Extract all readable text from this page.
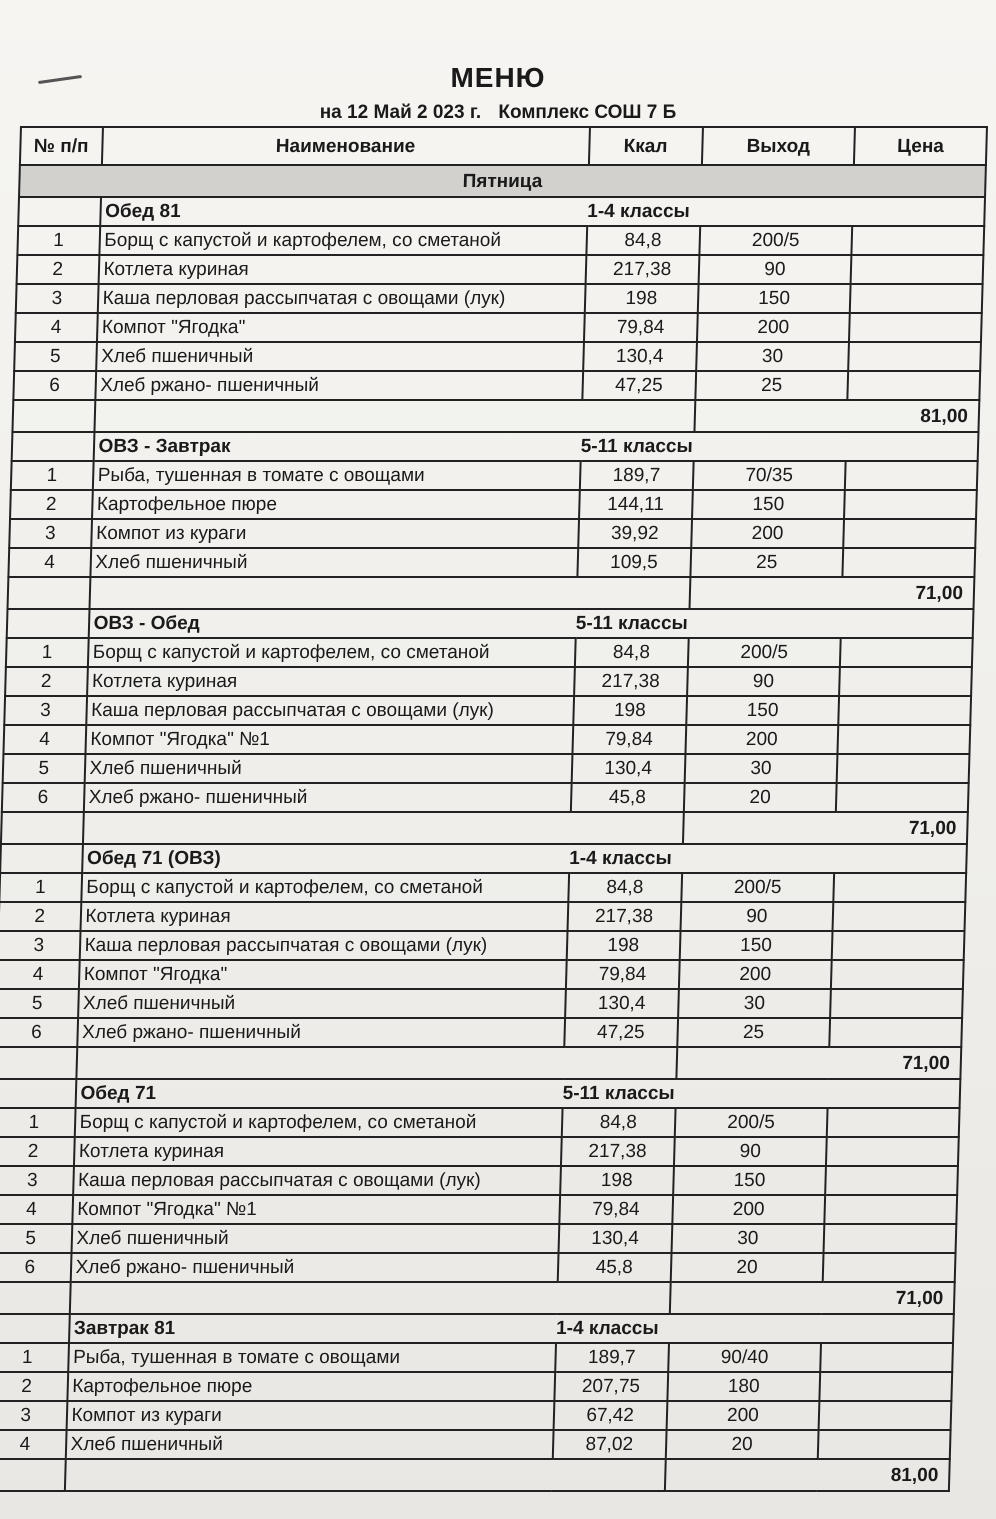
МЕНЮ
на 12 Май 2 023 г. Комплекс СОШ 7 Б
№ п/п	Наименование	Ккал	Выход	Цена
Пятница				
	Обед 81	1-4 классы		
1	Борщ с капустой и картофелем, со сметаной	84,8	200/5	
2	Котлета куриная	217,38	90	
3	Каша перловая рассыпчатая с овощами (лук)	198	150	
4	Компот "Ягодка"	79,84	200	
5	Хлеб пшеничный	130,4	30	
6	Хлеб ржано- пшеничный	47,25	25	
			81,00	
	ОВЗ - Завтрак	5-11 классы		
1	Рыба, тушенная в томате с овощами	189,7	70/35	
2	Картофельное пюре	144,11	150	
3	Компот из кураги	39,92	200	
4	Хлеб пшеничный	109,5	25	
			71,00	
	ОВЗ - Обед	5-11 классы		
1	Борщ с капустой и картофелем, со сметаной	84,8	200/5	
2	Котлета куриная	217,38	90	
3	Каша перловая рассыпчатая с овощами (лук)	198	150	
4	Компот "Ягодка" №1	79,84	200	
5	Хлеб пшеничный	130,4	30	
6	Хлеб ржано- пшеничный	45,8	20	
			71,00	
	Обед 71 (ОВЗ)	1-4 классы		
1	Борщ с капустой и картофелем, со сметаной	84,8	200/5	
2	Котлета куриная	217,38	90	
3	Каша перловая рассыпчатая с овощами (лук)	198	150	
4	Компот "Ягодка"	79,84	200	
5	Хлеб пшеничный	130,4	30	
6	Хлеб ржано- пшеничный	47,25	25	
			71,00	
	Обед 71	5-11 классы		
1	Борщ с капустой и картофелем, со сметаной	84,8	200/5	
2	Котлета куриная	217,38	90	
3	Каша перловая рассыпчатая с овощами (лук)	198	150	
4	Компот "Ягодка" №1	79,84	200	
5	Хлеб пшеничный	130,4	30	
6	Хлеб ржано- пшеничный	45,8	20	
			71,00	
	Завтрак 81	1-4 классы		
1	Рыба, тушенная в томате с овощами	189,7	90/40	
2	Картофельное пюре	207,75	180	
3	Компот из кураги	67,42	200	
4	Хлеб пшеничный	87,02	20	
			81,00	
